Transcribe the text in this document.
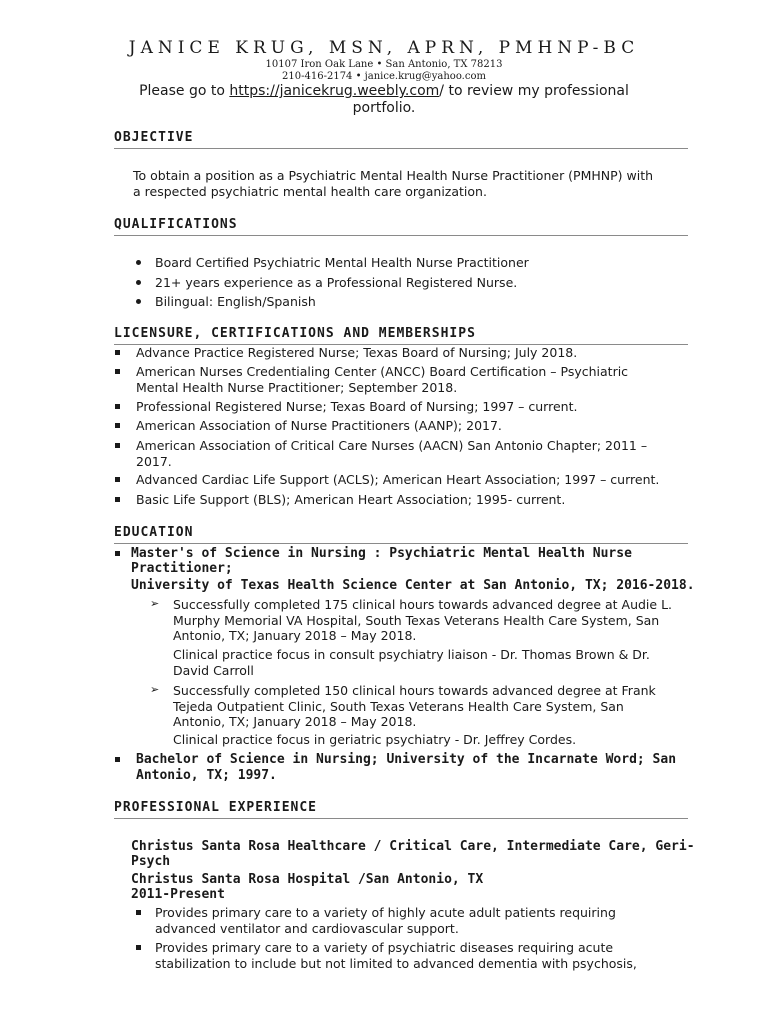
JANICE KRUG, MSN, APRN, PMHNP-BC
10107 Iron Oak Lane • San Antonio, TX 78213
210-416-2174 • janice.krug@yahoo.com
Please go to https://janicekrug.weebly.com/ to review my professional
portfolio.
OBJECTIVE
To obtain a position as a Psychiatric Mental Health Nurse Practitioner (PMHNP) with
a respected psychiatric mental health care organization.
QUALIFICATIONS
Board Certified Psychiatric Mental Health Nurse Practitioner
21+ years experience as a Professional Registered Nurse.
Bilingual: English/Spanish
LICENSURE, CERTIFICATIONS AND MEMBERSHIPS
Advance Practice Registered Nurse; Texas Board of Nursing; July 2018.
American Nurses Credentialing Center (ANCC) Board Certification – Psychiatric
Mental Health Nurse Practitioner; September 2018.
Professional Registered Nurse; Texas Board of Nursing; 1997 – current.
American Association of Nurse Practitioners (AANP); 2017.
American Association of Critical Care Nurses (AACN) San Antonio Chapter; 2011 –
2017.
Advanced Cardiac Life Support (ACLS); American Heart Association; 1997 – current.
Basic Life Support (BLS); American Heart Association; 1995- current.
EDUCATION
Master's of Science in Nursing : Psychiatric Mental Health Nurse
Practitioner;
University of Texas Health Science Center at San Antonio, TX; 2016-2018.
➢ Successfully completed 175 clinical hours towards advanced degree at Audie L.
Murphy Memorial VA Hospital, South Texas Veterans Health Care System, San
Antonio, TX; January 2018 – May 2018.
Clinical practice focus in consult psychiatry liaison - Dr. Thomas Brown & Dr.
David Carroll
➢ Successfully completed 150 clinical hours towards advanced degree at Frank
Tejeda Outpatient Clinic, South Texas Veterans Health Care System, San
Antonio, TX; January 2018 – May 2018.
Clinical practice focus in geriatric psychiatry - Dr. Jeffrey Cordes.
Bachelor of Science in Nursing; University of the Incarnate Word; San
Antonio, TX; 1997.
PROFESSIONAL EXPERIENCE
Christus Santa Rosa Healthcare / Critical Care, Intermediate Care, Geri-
Psych
Christus Santa Rosa Hospital /San Antonio, TX
2011-Present
Provides primary care to a variety of highly acute adult patients requiring
advanced ventilator and cardiovascular support.
Provides primary care to a variety of psychiatric diseases requiring acute
stabilization to include but not limited to advanced dementia with psychosis,
